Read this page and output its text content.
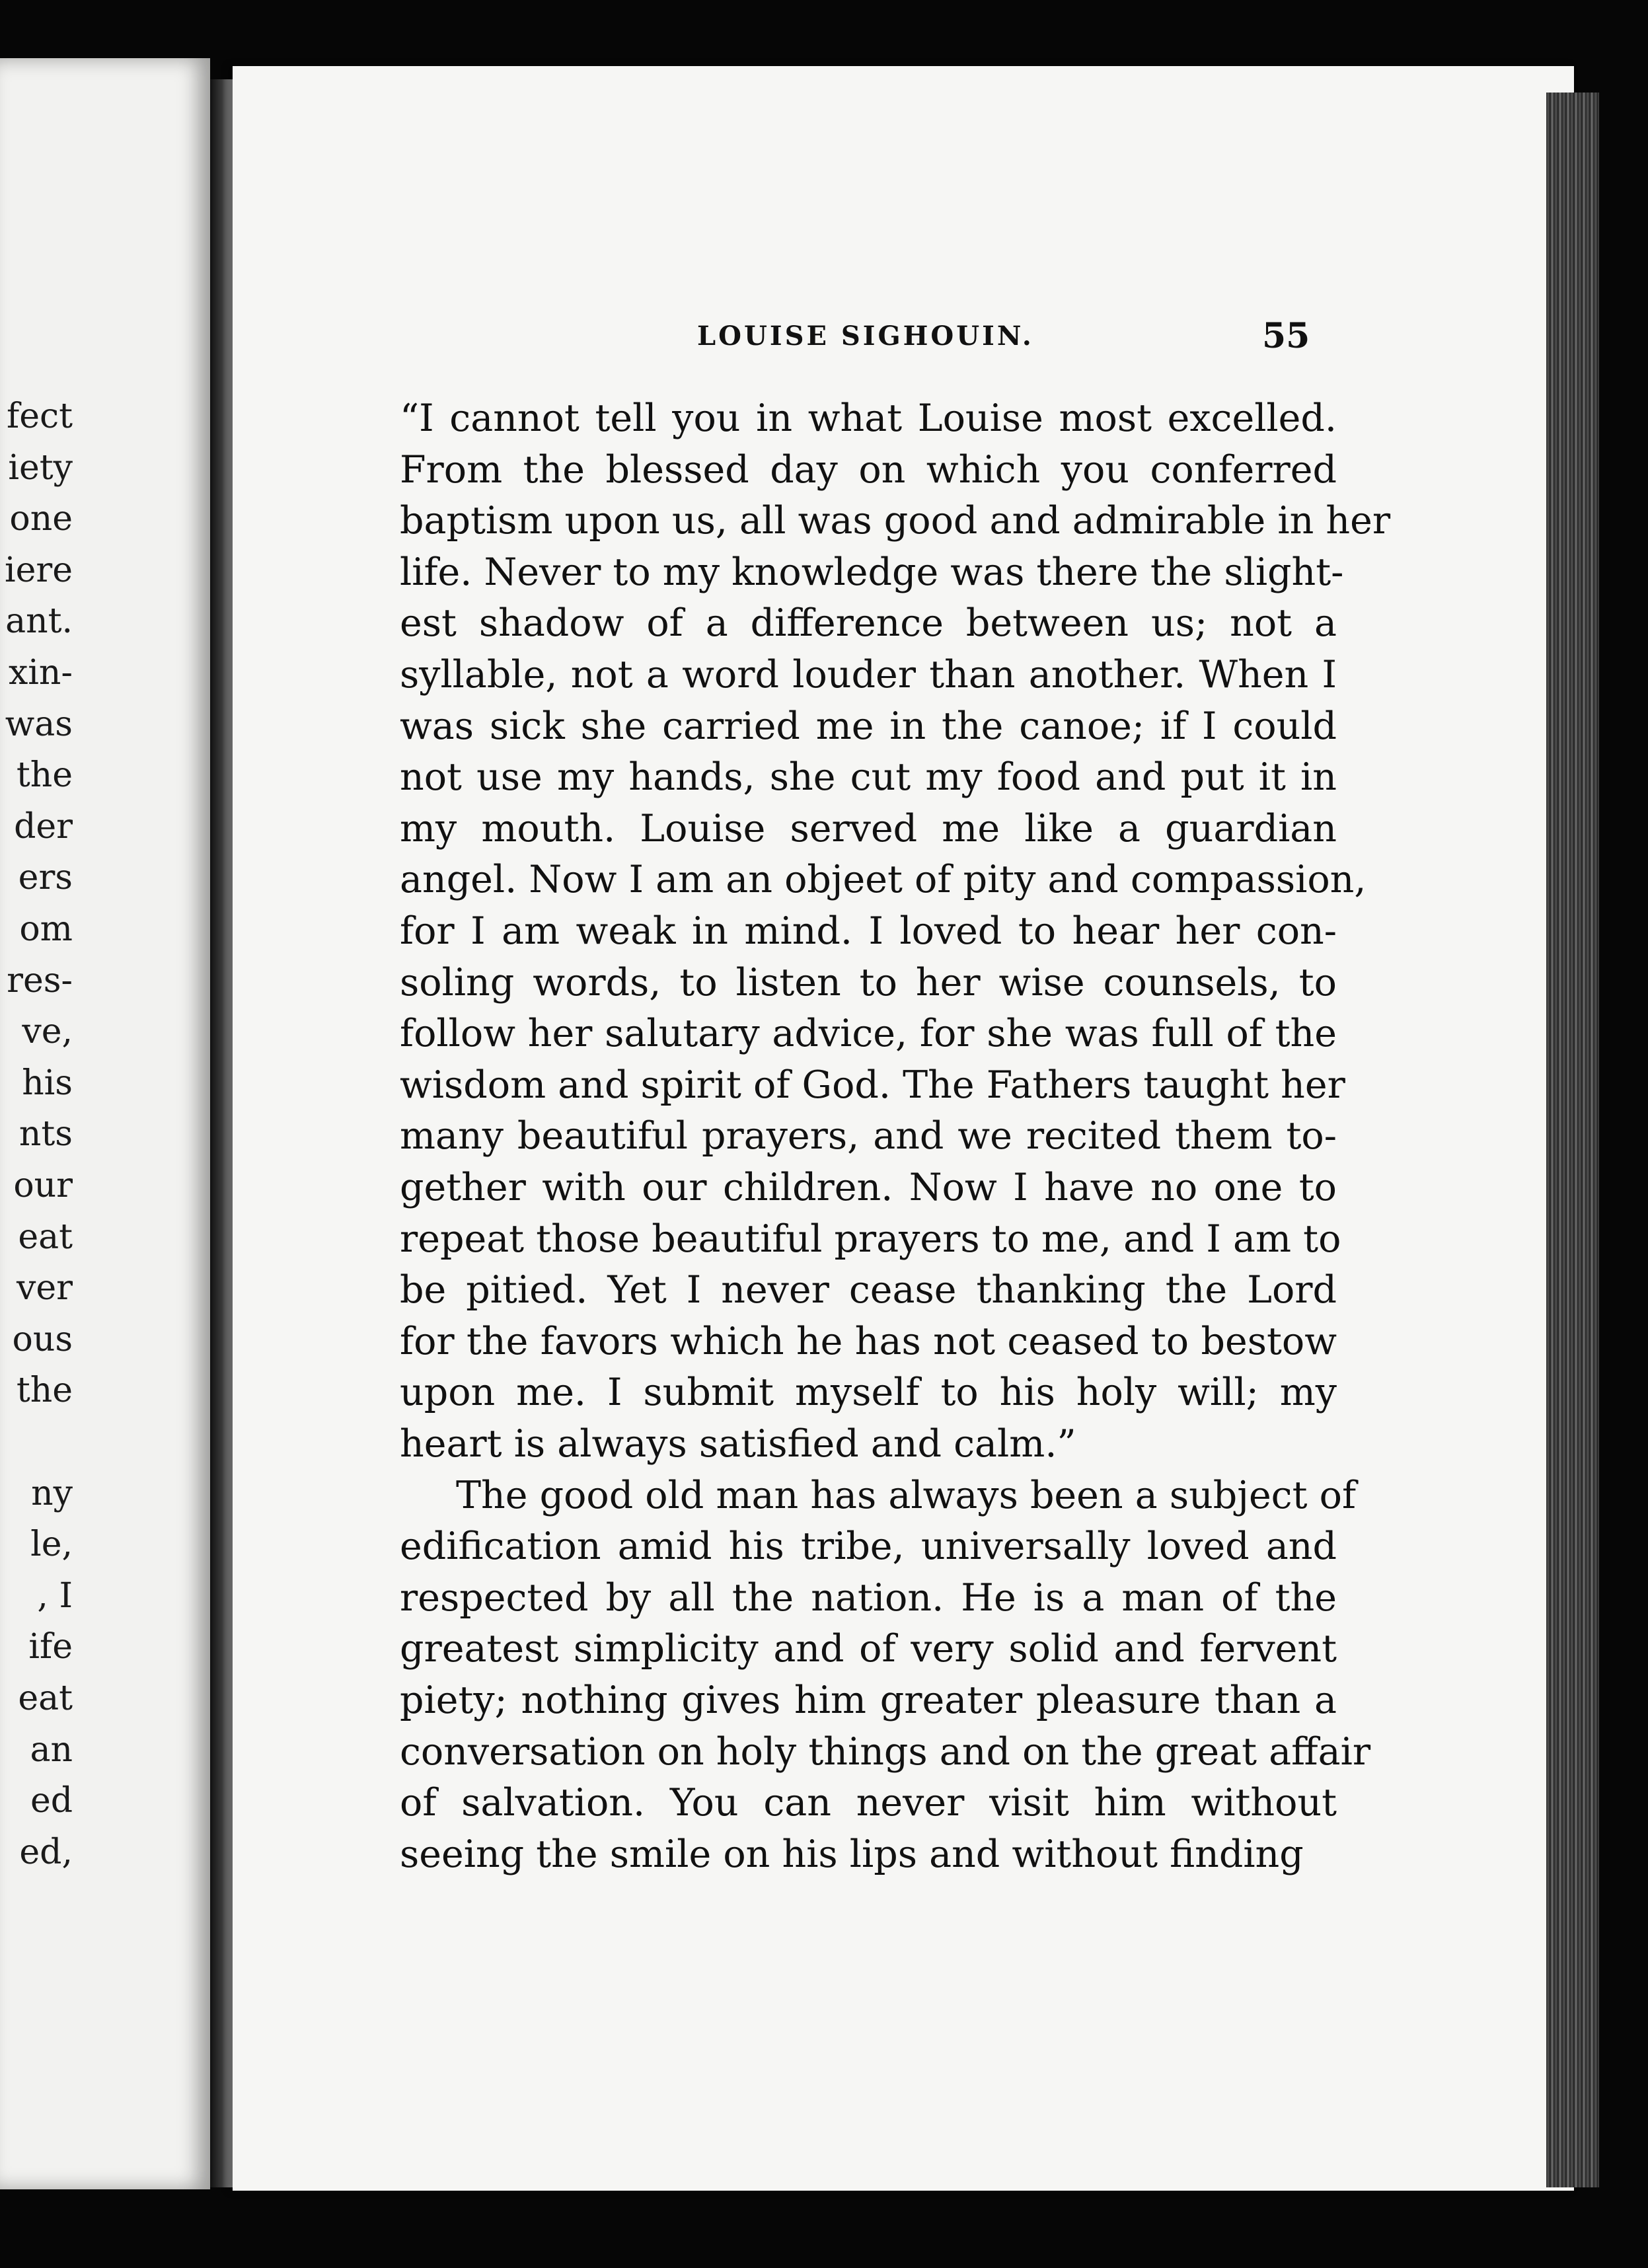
fect
iety
one
iere
ant.
xin-
was
the
der
ers
om
res-
ve,
his
nts
our
eat
ver
ous
the
ny
le,
, I
ife
eat
an
ed
ed,
LOUISE SIGHOUIN.	55
“I cannot tell you in what Louise most excelled.
From the blessed day on which you conferred
baptism upon us, all was good and admirable in her
life. Never to my knowledge was there the slight-
est shadow of a difference between us; not a
syllable, not a word louder than another. When I
was sick she carried me in the canoe; if I could
not use my hands, she cut my food and put it in
my mouth. Louise served me like a guardian
angel. Now I am an objeet of pity and compassion,
for I am weak in mind. I loved to hear her con-
soling words, to listen to her wise counsels, to
follow her salutary advice, for she was full of the
wisdom and spirit of God. The Fathers taught her
many beautiful prayers, and we recited them to-
gether with our children. Now I have no one to
repeat those beautiful prayers to me, and I am to
be pitied. Yet I never cease thanking the Lord
for the favors which he has not ceased to bestow
upon me. I submit myself to his holy will; my
heart is always satisfied and calm.”
The good old man has always been a subject of
edification amid his tribe, universally loved and
respected by all the nation. He is a man of the
greatest simplicity and of very solid and fervent
piety; nothing gives him greater pleasure than a
conversation on holy things and on the great affair
of salvation. You can never visit him without
seeing the smile on his lips and without finding
